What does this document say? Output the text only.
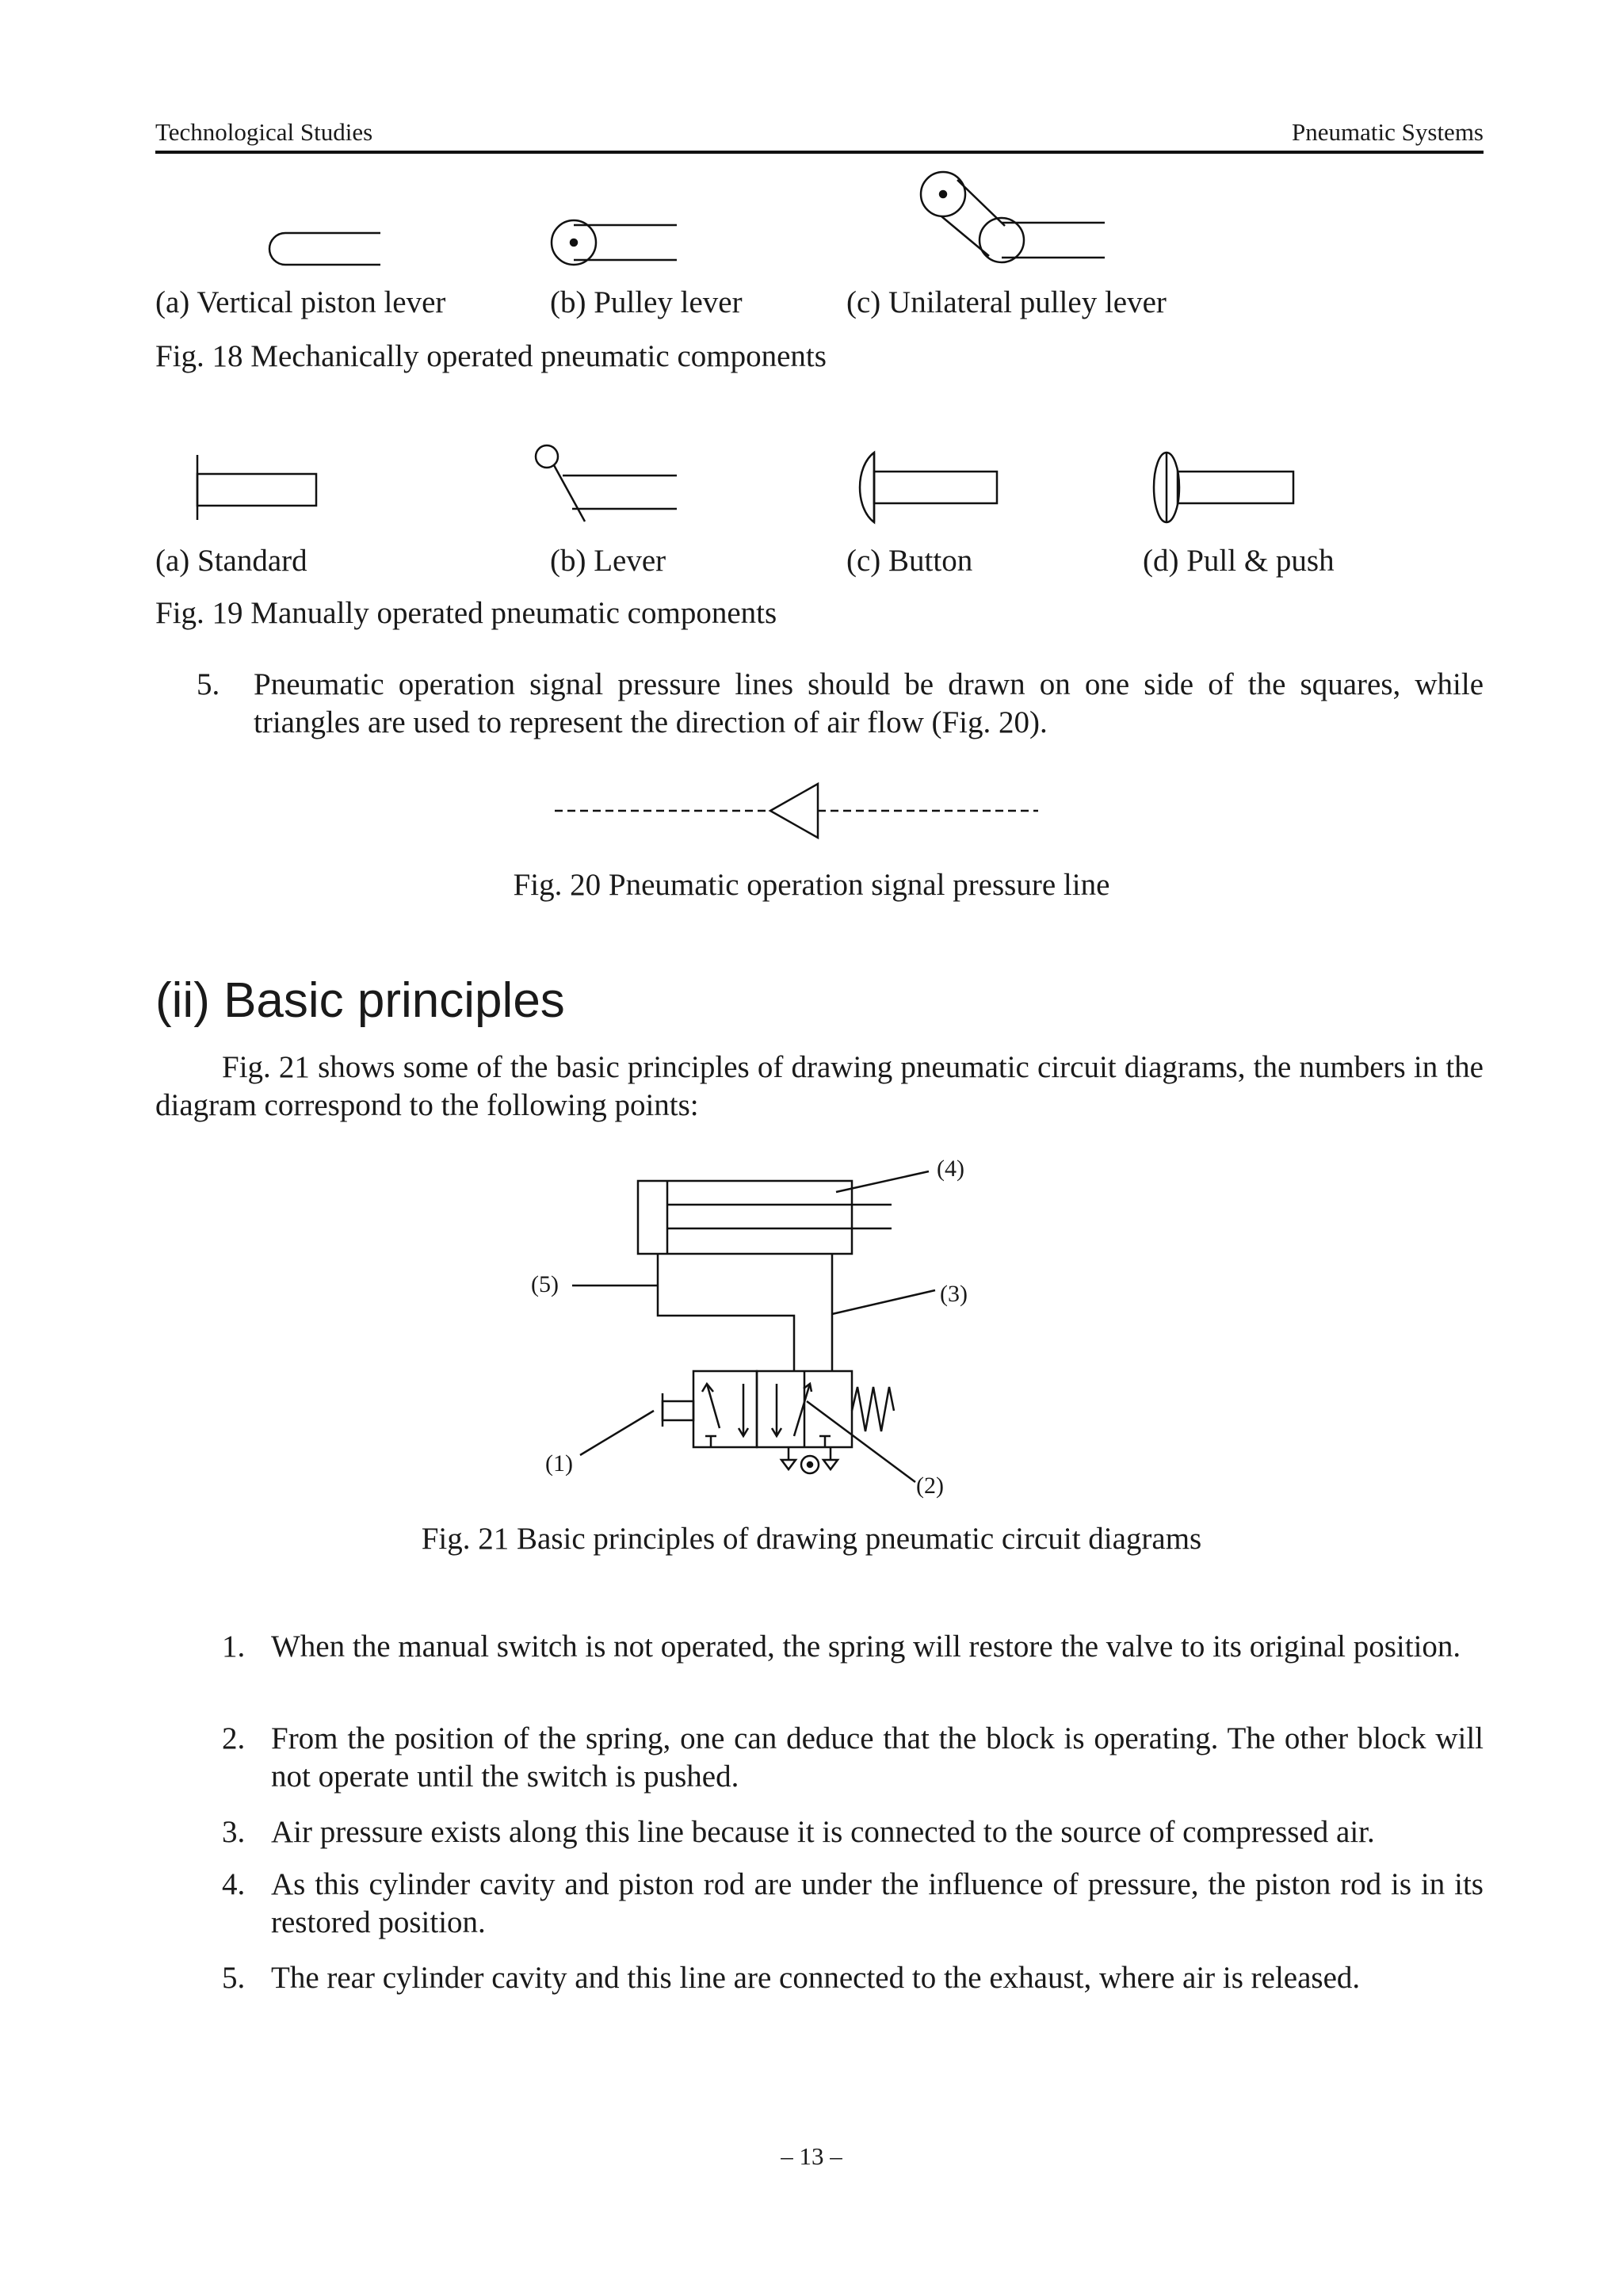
Technological Studies	Pneumatic Systems
(a) Vertical piston lever	(b) Pulley lever	(c) Unilateral pulley lever
Fig. 18 Mechanically operated pneumatic components
(a) Standard	(b) Lever	(c) Button	(d) Pull & push
Fig. 19 Manually operated pneumatic components
5. Pneumatic operation signal pressure lines should be drawn on one side of the squares, while triangles are used to represent the direction of air flow (Fig. 20).
Fig. 20 Pneumatic operation signal pressure line
(ii) Basic principles
Fig. 21 shows some of the basic principles of drawing pneumatic circuit diagrams, the numbers in the diagram correspond to the following points:
(4)
(5)	(3)
(1)
(2)
Fig. 21 Basic principles of drawing pneumatic circuit diagrams
1. When the manual switch is not operated, the spring will restore the valve to its original position.
2. From the position of the spring, one can deduce that the block is operating. The other block will not operate until the switch is pushed.
3. Air pressure exists along this line because it is connected to the source of compressed air.
4. As this cylinder cavity and piston rod are under the influence of pressure, the piston rod is in its restored position.
5. The rear cylinder cavity and this line are connected to the exhaust, where air is released.
– 13 –
